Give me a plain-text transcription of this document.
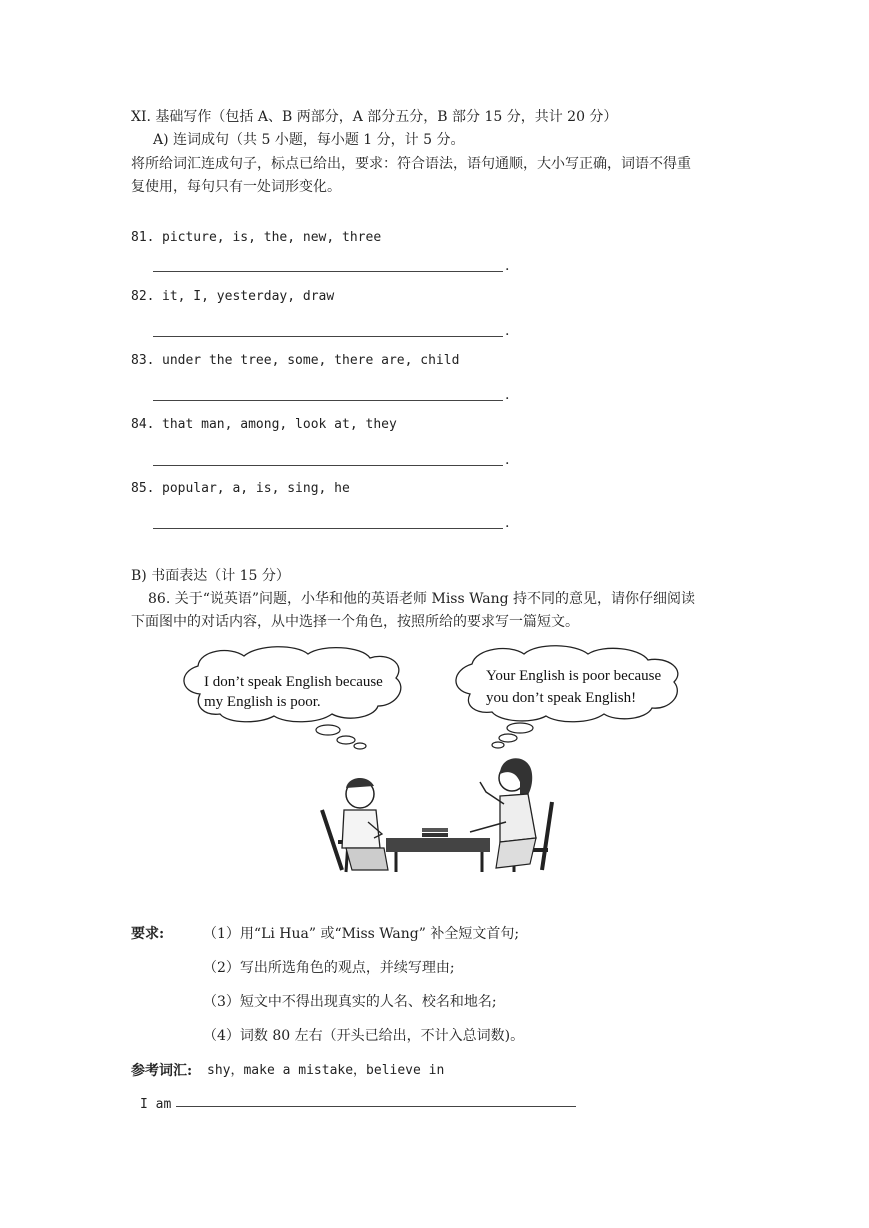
XI. 基础写作（包括 A、B 两部分，A 部分五分，B 部分 15 分，共计 20 分）
A) 连词成句（共 5 小题，每小题 1 分，计 5 分。
将所给词汇连成句子，标点已给出，要求：符合语法，语句通顺，大小写正确，词语不得重
复使用，每句只有一处词形变化。
81. picture, is, the, new, three
.
82. it, I, yesterday, draw
.
83. under the tree, some, there are, child
.
84. that man, among, look at, they
.
85. popular, a, is, sing, he
.
B) 书面表达（计 15 分）
86. 关于“说英语”问题，小华和他的英语老师 Miss Wang 持不同的意见，请你仔细阅读
下面图中的对话内容，从中选择一个角色，按照所给的要求写一篇短文。
I don’t speak English because
my English is poor.
Your English is poor because
you don’t speak English!
要求:	（1）用“Li Hua” 或“Miss Wang” 补全短文首句;
（2）写出所选角色的观点，并续写理由;
（3）短文中不得出现真实的人名、校名和地名;
（4）词数 80 左右（开头已给出，不计入总词数)。
参考词汇: shy，make a mistake，believe in
I am
